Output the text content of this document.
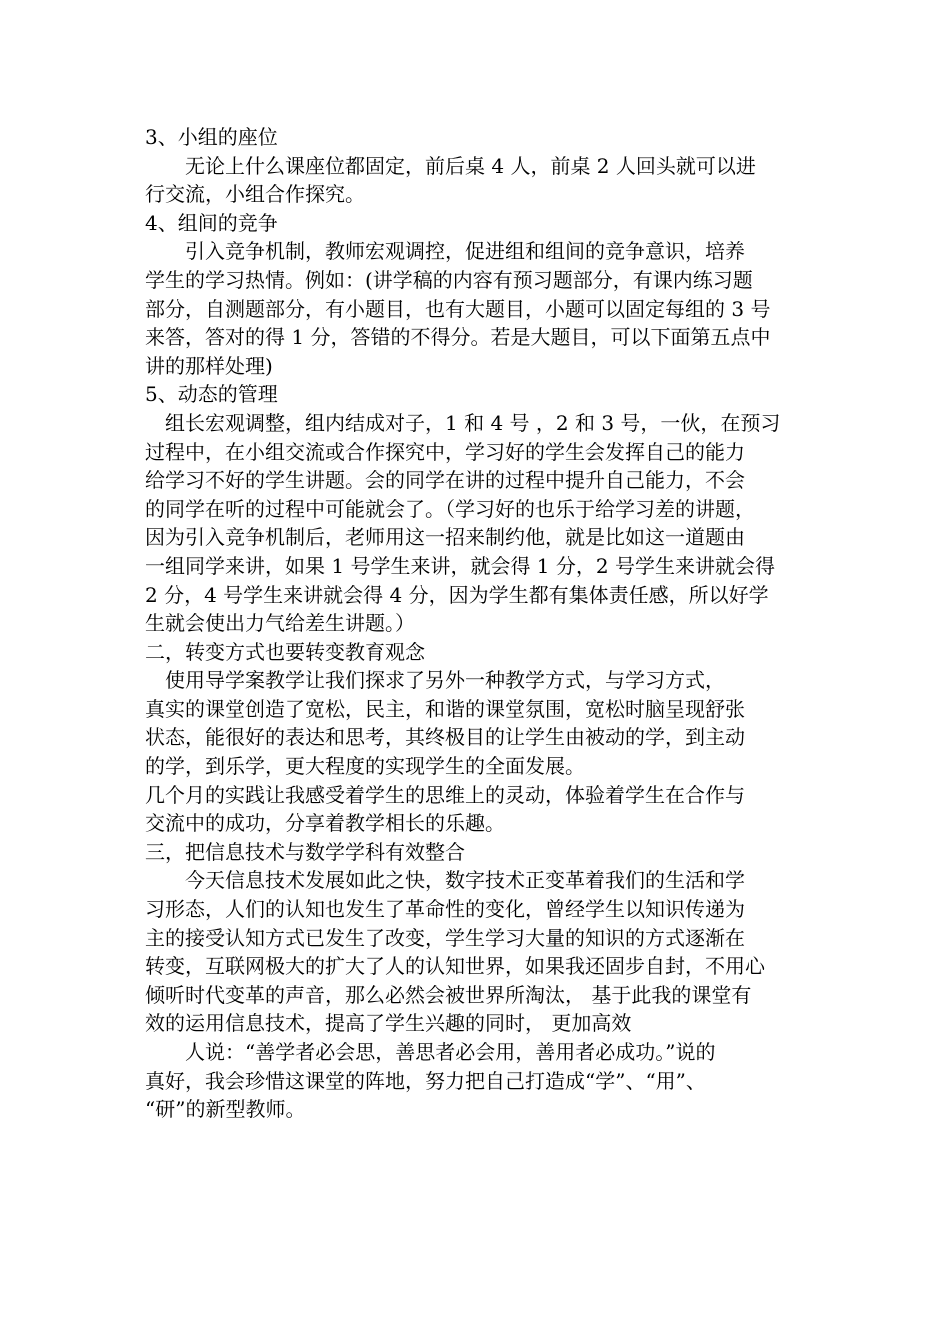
3、小组的座位
　　无论上什么课座位都固定，前后桌 4 人，前桌 2 人回头就可以进
行交流，小组合作探究。
4、组间的竞争
　　引入竞争机制，教师宏观调控，促进组和组间的竞争意识，培养
学生的学习热情。例如：(讲学稿的内容有预习题部分，有课内练习题
部分，自测题部分，有小题目，也有大题目，小题可以固定每组的 3 号
来答，答对的得 1 分，答错的不得分。若是大题目，可以下面第五点中
讲的那样处理)
5、动态的管理
　组长宏观调整，组内结成对子，1 和 4 号 ，2 和 3 号，一伙，在预习
过程中，在小组交流或合作探究中，学习好的学生会发挥自己的能力
给学习不好的学生讲题。会的同学在讲的过程中提升自己能力，不会
的同学在听的过程中可能就会了。（学习好的也乐于给学习差的讲题，
因为引入竞争机制后，老师用这一招来制约他，就是比如这一道题由
一组同学来讲，如果 1 号学生来讲，就会得 1 分，2 号学生来讲就会得
2 分，4 号学生来讲就会得 4 分，因为学生都有集体责任感，所以好学
生就会使出力气给差生讲题。）
二，转变方式也要转变教育观念
　使用导学案教学让我们探求了另外一种教学方式，与学习方式，
真实的课堂创造了宽松，民主，和谐的课堂氛围，宽松时脑呈现舒张
状态，能很好的表达和思考，其终极目的让学生由被动的学，到主动
的学，到乐学，更大程度的实现学生的全面发展。
几个月的实践让我感受着学生的思维上的灵动，体验着学生在合作与
交流中的成功，分享着教学相长的乐趣。
三，把信息技术与数学学科有效整合
　　今天信息技术发展如此之快，数字技术正变革着我们的生活和学
习形态，人们的认知也发生了革命性的变化，曾经学生以知识传递为
主的接受认知方式已发生了改变，学生学习大量的知识的方式逐渐在
转变，互联网极大的扩大了人的认知世界，如果我还固步自封，不用心
倾听时代变革的声音，那么必然会被世界所淘汰， 基于此我的课堂有
效的运用信息技术，提高了学生兴趣的同时， 更加高效
　　人说：“善学者必会思，善思者必会用，善用者必成功。”说的
真好，我会珍惜这课堂的阵地，努力把自己打造成“学”、“用”、
“研”的新型教师。
